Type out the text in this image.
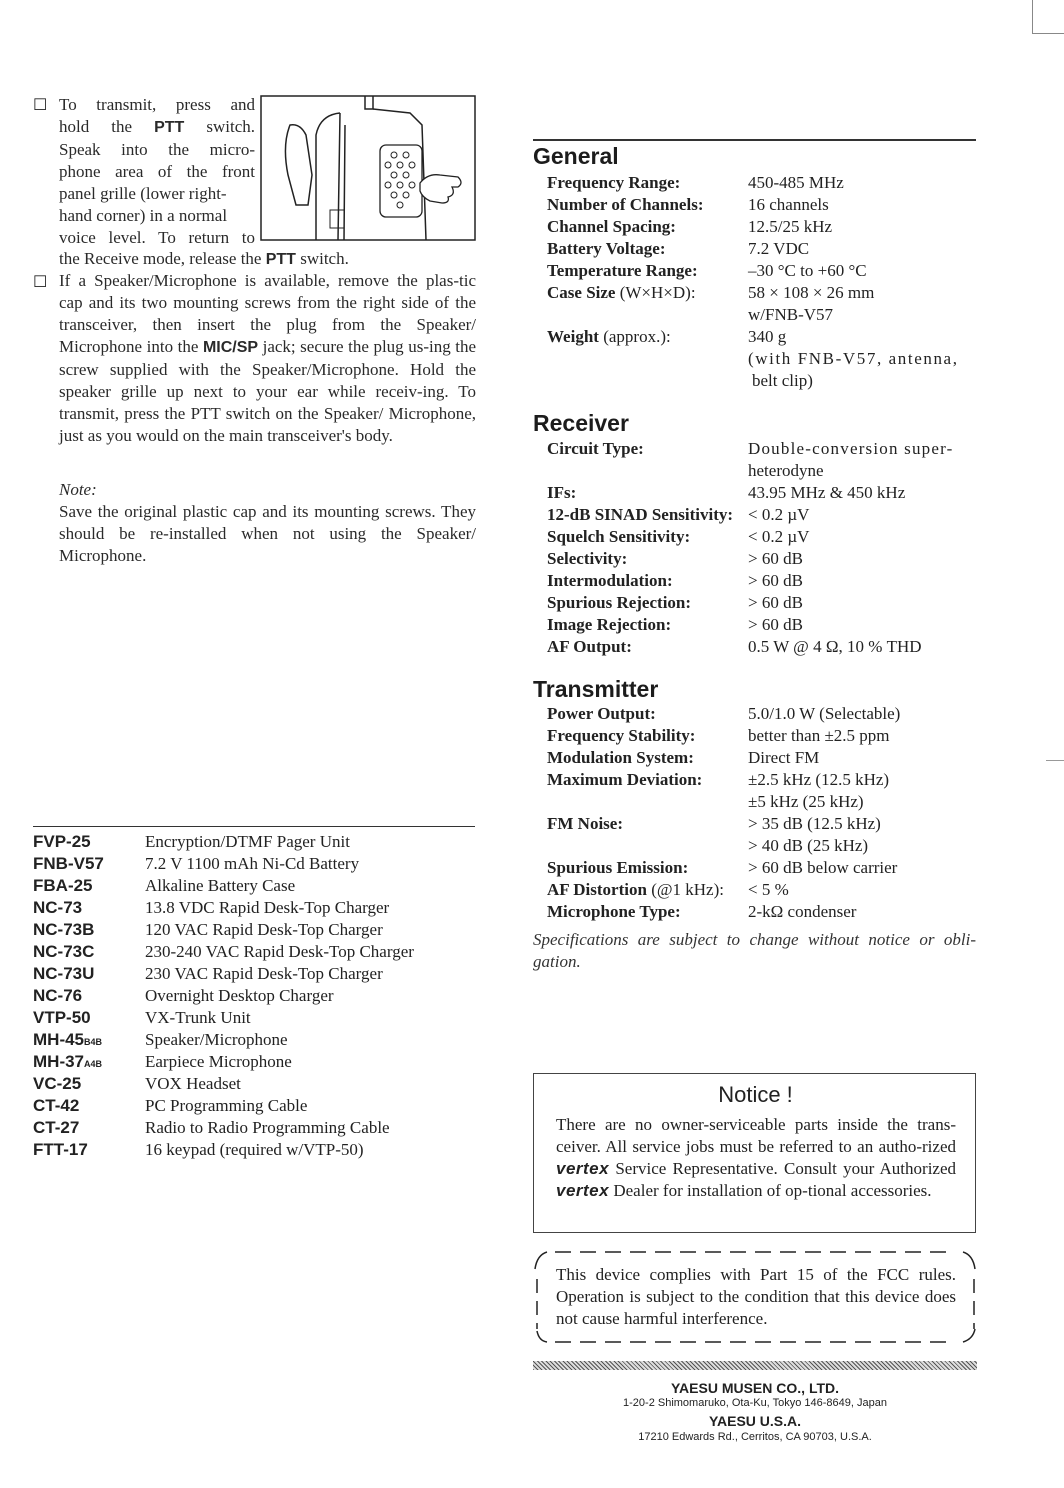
☐ To transmit, press and
hold the PTT switch.
Speak into the micro-
phone area of the front
panel grille (lower right-
hand corner) in a normal
voice level. To return to
the Receive mode, release the PTT switch.
☐ If a Speaker/Microphone is available, remove the plas-tic cap and its two mounting screws from the right side of the transceiver, then insert the plug from the Speaker/ Microphone into the MIC/SP jack; secure the plug us-ing the screw supplied with the Speaker/Microphone. Hold the speaker grille up next to your ear while receiv-ing. To transmit, press the PTT switch on the Speaker/ Microphone, just as you would on the main transceiver's body.
Note:
Save the original plastic cap and its mounting screws. They should be re-installed when not using the Speaker/ Microphone.
FVP-25	Encryption/DTMF Pager Unit
FNB-V57 7.2 V 1100 mAh Ni-Cd Battery
FBA-25	Alkaline Battery Case
NC-73	13.8 VDC Rapid Desk-Top Charger
NC-73B	120 VAC Rapid Desk-Top Charger
NC-73C	230-240 VAC Rapid Desk-Top Charger
NC-73U	230 VAC Rapid Desk-Top Charger
NC-76	Overnight Desktop Charger
VTP-50	VX-Trunk Unit
MH-45B4B	Speaker/Microphone
MH-37A4B	Earpiece Microphone
VC-25	VOX Headset
CT-42	PC Programming Cable
CT-27	Radio to Radio Programming Cable
FTT-17	16 keypad (required w/VTP-50)
General
Frequency Range:	450-485 MHz
Number of Channels:	16 channels
Channel Spacing:	12.5/25 kHz
Battery Voltage:	7.2 VDC
Temperature Range:	–30 °C to +60 °C
Case Size (W×H×D):	58 × 108 × 26 mm
w/FNB-V57
Weight (approx.):	340 g
(with FNB-V57, antenna,
belt clip)
Receiver
Circuit Type:	Double-conversion super-
heterodyne
IFs:	43.95 MHz & 450 kHz
12-dB SINAD Sensitivity: < 0.2 µV
Squelch Sensitivity:	< 0.2 µV
Selectivity:	> 60 dB
Intermodulation:	> 60 dB
Spurious Rejection:	> 60 dB
Image Rejection:	> 60 dB
AF Output:	0.5 W @ 4 Ω, 10 % THD
Transmitter
Power Output:	5.0/1.0 W (Selectable)
Frequency Stability:	better than ±2.5 ppm
Modulation System:	Direct FM
Maximum Deviation:	±2.5 kHz (12.5 kHz)
±5 kHz (25 kHz)
FM Noise:	> 35 dB (12.5 kHz)
> 40 dB (25 kHz)
Spurious Emission:	> 60 dB below carrier
AF Distortion (@1 kHz): < 5 %
Microphone Type:	2-kΩ condenser
Specifications are subject to change without notice or obli-gation.
Notice !
There are no owner-serviceable parts inside the trans-ceiver. All service jobs must be referred to an autho-rized vertex Service Representative. Consult your Authorized vertex Dealer for installation of op-tional accessories.
This device complies with Part 15 of the FCC rules. Operation is subject to the condition that this device does not cause harmful interference.
YAESU MUSEN CO., LTD.
1-20-2 Shimomaruko, Ota-Ku, Tokyo 146-8649, Japan
YAESU U.S.A.
17210 Edwards Rd., Cerritos, CA 90703, U.S.A.
